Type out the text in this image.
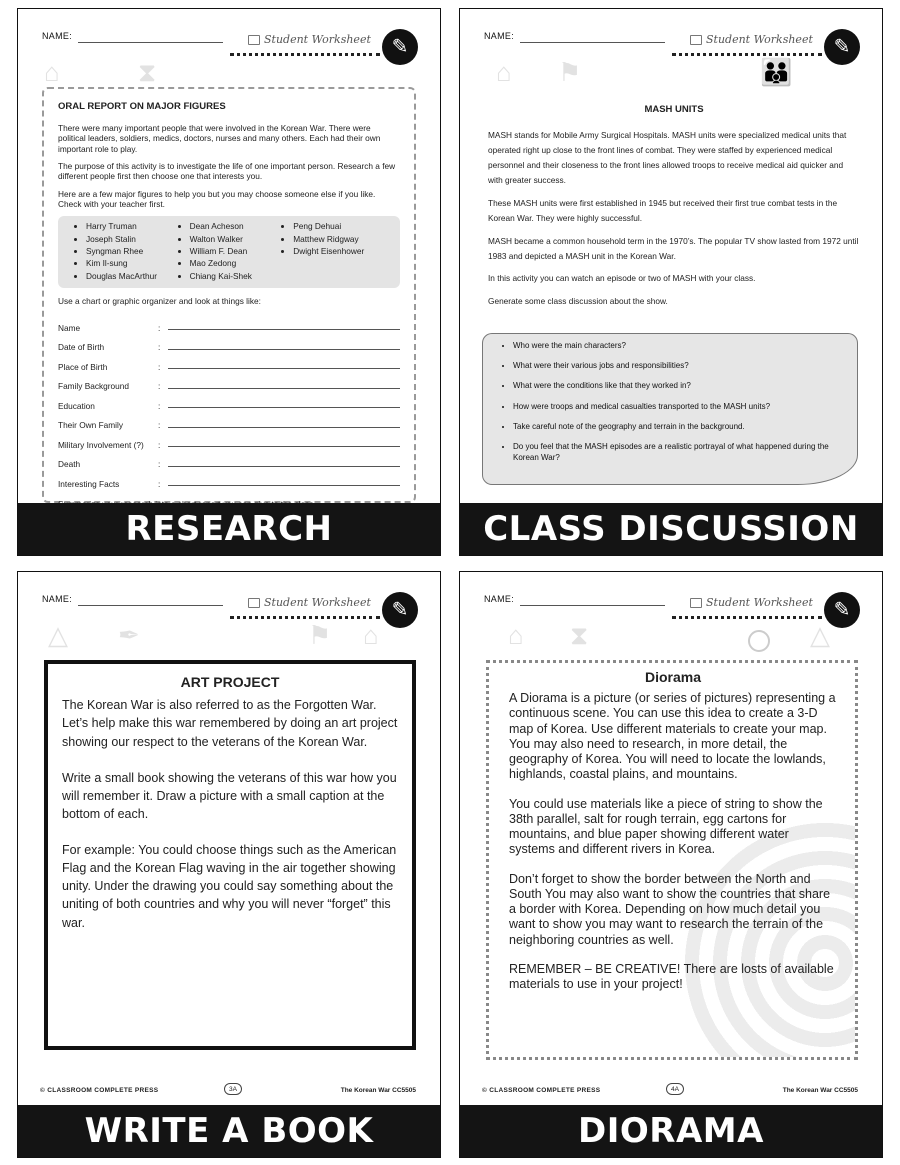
NAME:	Student Worksheet	✎
⌂	⧗
ORAL REPORT ON MAJOR FIGURES

There were many important people that were involved in the Korean War. There were political leaders, soldiers, medics, doctors, nurses and many others. Each had their own important role to play.

The purpose of this activity is to investigate the life of one important person. Research a few different people first then choose one that interests you.

Here are a few major figures to help you but you may choose someone else if you like. Check with your teacher first.

• Harry Truman
• Joseph Stalin
• Syngman Rhee
• Kim Il-sung
• Douglas MacArthur
• Dean Acheson
• Walton Walker
• William F. Dean
• Mao Zedong
• Chiang Kai-Shek
• Peng Dehuai
• Matthew Ridgway
• Dwight Eisenhower

Use a chart or graphic organizer and look at things like:

Name	:
Date of Birth	:
Place of Birth	:
Family Background	:
Education	:
Their Own Family	:
Military Involvement (?)	:
Death	:
Interesting Facts	:

RESEARCH
NAME:	Student Worksheet	✎
⌂ ⚑	👪
MASH UNITS

MASH stands for Mobile Army Surgical Hospitals. MASH units were specialized medical units that operated right up close to the front lines of combat. They were staffed by experienced medical personnel and their closeness to the front lines allowed troops to receive medical aid quicker and with greater success.

These MASH units were first established in 1945 but received their first true combat tests in the Korean War. They were highly successful.

MASH became a common household term in the 1970’s. The popular TV show lasted from 1972 until 1983 and depicted a MASH unit in the Korean War.

In this activity you can watch an episode or two of MASH with your class.

Generate some class discussion about the show.

• Who were the main characters?
• What were their various jobs and responsibilities?
• What were the conditions like that they worked in?
• How were troops and medical casualties transported to the MASH units?
• Take careful note of the geography and terrain in the background.
• Do you feel that the MASH episodes are a realistic portrayal of what happened during the Korean War?
CLASS DISCUSSION
NAME:	Student Worksheet	✎
△ ✒	⚑ ⌂
ART PROJECT

The Korean War is also referred to as the Forgotten War. Let’s help make this war remembered by doing an art project showing our respect to the veterans of the Korean War.

Write a small book showing the veterans of this war how you will remember it. Draw a picture with a small caption at the bottom of each.

For example: You could choose things such as the American Flag and the Korean Flag waving in the air together showing unity. Under the drawing you could say something about the uniting of both countries and why you will never “forget” this war.

© CLASSROOM COMPLETE PRESS	3A	The Korean War CC5505
WRITE A BOOK
NAME:	Student Worksheet	✎
⌂ ⧗	△
Diorama

A Diorama is a picture (or series of pictures) representing a continuous scene. You can use this idea to create a 3-D map of Korea. Use different materials to create your map. You may also need to research, in more detail, the geography of Korea. You will need to locate the lowlands, highlands, coastal plains, and mountains.

You could use materials like a piece of string to show the 38th parallel, salt for rough terrain, egg cartons for mountains, and blue paper showing different water systems and different rivers in Korea.

Don’t forget to show the border between the North and South You may also want to show the countries that share a border with Korea. Depending on how much detail you want to show you may want to research the terrain of the neighboring countries as well.

REMEMBER – BE CREATIVE! There are losts of available materials to use in your project!

© CLASSROOM COMPLETE PRESS	4A	The Korean War CC5505
DIORAMA
